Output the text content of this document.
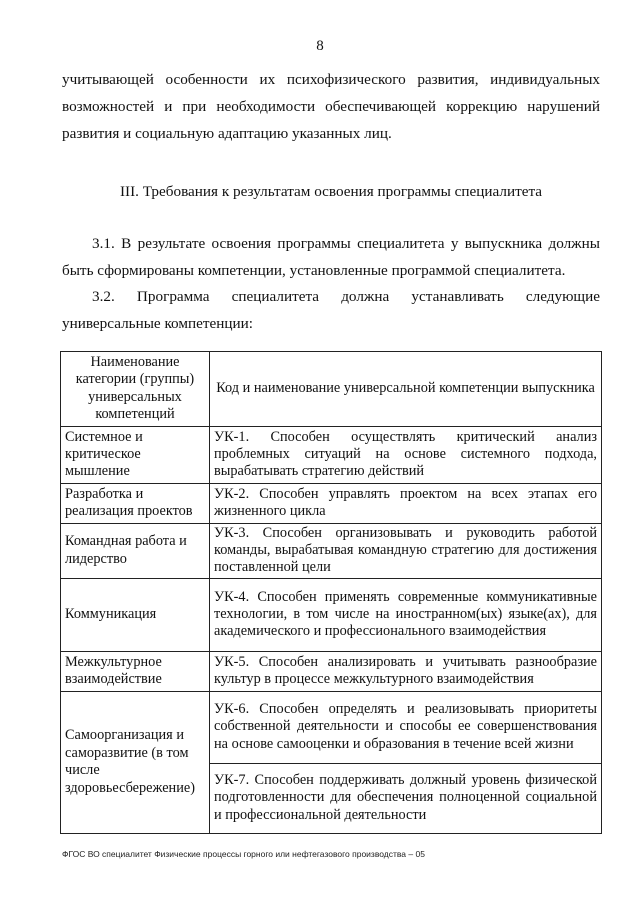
8
учитывающей особенности их психофизического развития, индивидуальных возможностей и при необходимости обеспечивающей коррекцию нарушений развития и социальную адаптацию указанных лиц.
III. Требования к результатам освоения программы специалитета
3.1. В результате освоения программы специалитета у выпускника должны быть сформированы компетенции, установленные программой специалитета.
3.2. Программа специалитета должна устанавливать следующие универсальные компетенции:
Наименование категории (группы) универсальных компетенций	Код и наименование универсальной компетенции выпускника
Системное и критическое мышление	УК-1. Способен осуществлять критический анализ проблемных ситуаций на основе системного подхода, вырабатывать стратегию действий
Разработка и реализация проектов	УК-2. Способен управлять проектом на всех этапах его жизненного цикла
Командная работа и лидерство	УК-3. Способен организовывать и руководить работой команды, вырабатывая командную стратегию для достижения поставленной цели
Коммуникация	УК-4. Способен применять современные коммуникативные технологии, в том числе на иностранном(ых) языке(ах), для академического и профессионального взаимодействия
Межкультурное взаимодействие	УК-5. Способен анализировать и учитывать разнообразие культур в процессе межкультурного взаимодействия
Самоорганизация и саморазвитие (в том числе здоровьесбережение)	УК-6. Способен определять и реализовывать приоритеты собственной деятельности и способы ее совершенствования на основе самооценки и образования в течение всей жизни
	УК-7. Способен поддерживать должный уровень физической подготовленности для обеспечения полноценной социальной и профессиональной деятельности
ФГОС ВО специалитет Физические процессы горного или нефтегазового производства – 05
